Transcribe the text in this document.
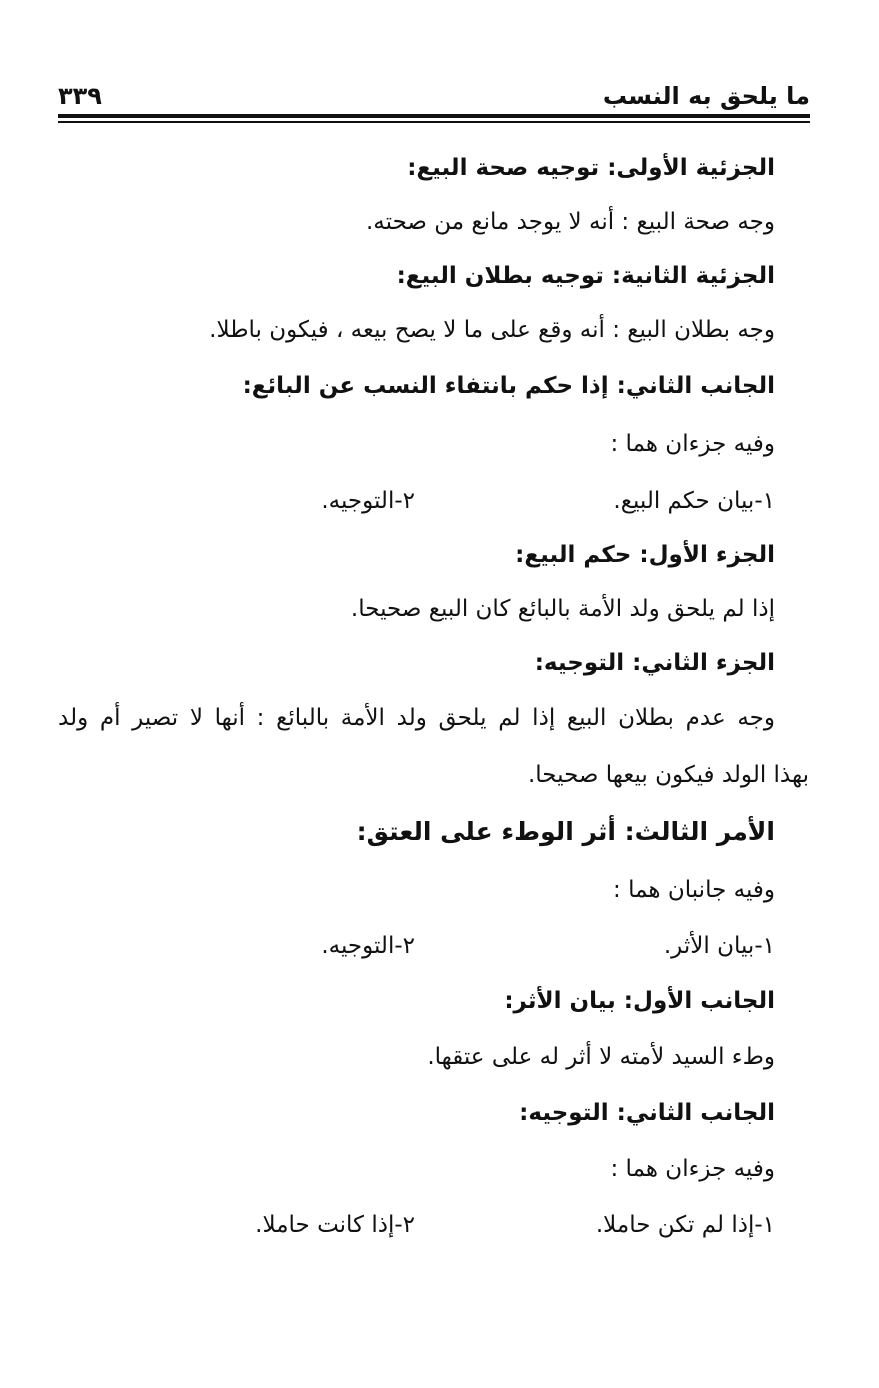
ما يلحق به النسب
٣٣٩
الجزئية الأولى: توجيه صحة البيع:
وجه صحة البيع : أنه لا يوجد مانع من صحته.
الجزئية الثانية: توجيه بطلان البيع:
وجه بطلان البيع : أنه وقع على ما لا يصح بيعه ، فيكون باطلا.
الجانب الثاني: إذا حكم بانتفاء النسب عن البائع:
وفيه جزءان هما :
١-بيان حكم البيع.
٢-التوجيه.
الجزء الأول: حكم البيع:
إذا لم يلحق ولد الأمة بالبائع كان البيع صحيحا.
الجزء الثاني: التوجيه:
وجه عدم بطلان البيع إذا لم يلحق ولد الأمة بالبائع : أنها لا تصير أم ولد
بهذا الولد فيكون بيعها صحيحا.
الأمر الثالث: أثر الوطء على العتق:
وفيه جانبان هما :
١-بيان الأثر.
٢-التوجيه.
الجانب الأول: بيان الأثر:
وطء السيد لأمته لا أثر له على عتقها.
الجانب الثاني: التوجيه:
وفيه جزءان هما :
١-إذا لم تكن حاملا.
٢-إذا كانت حاملا.
